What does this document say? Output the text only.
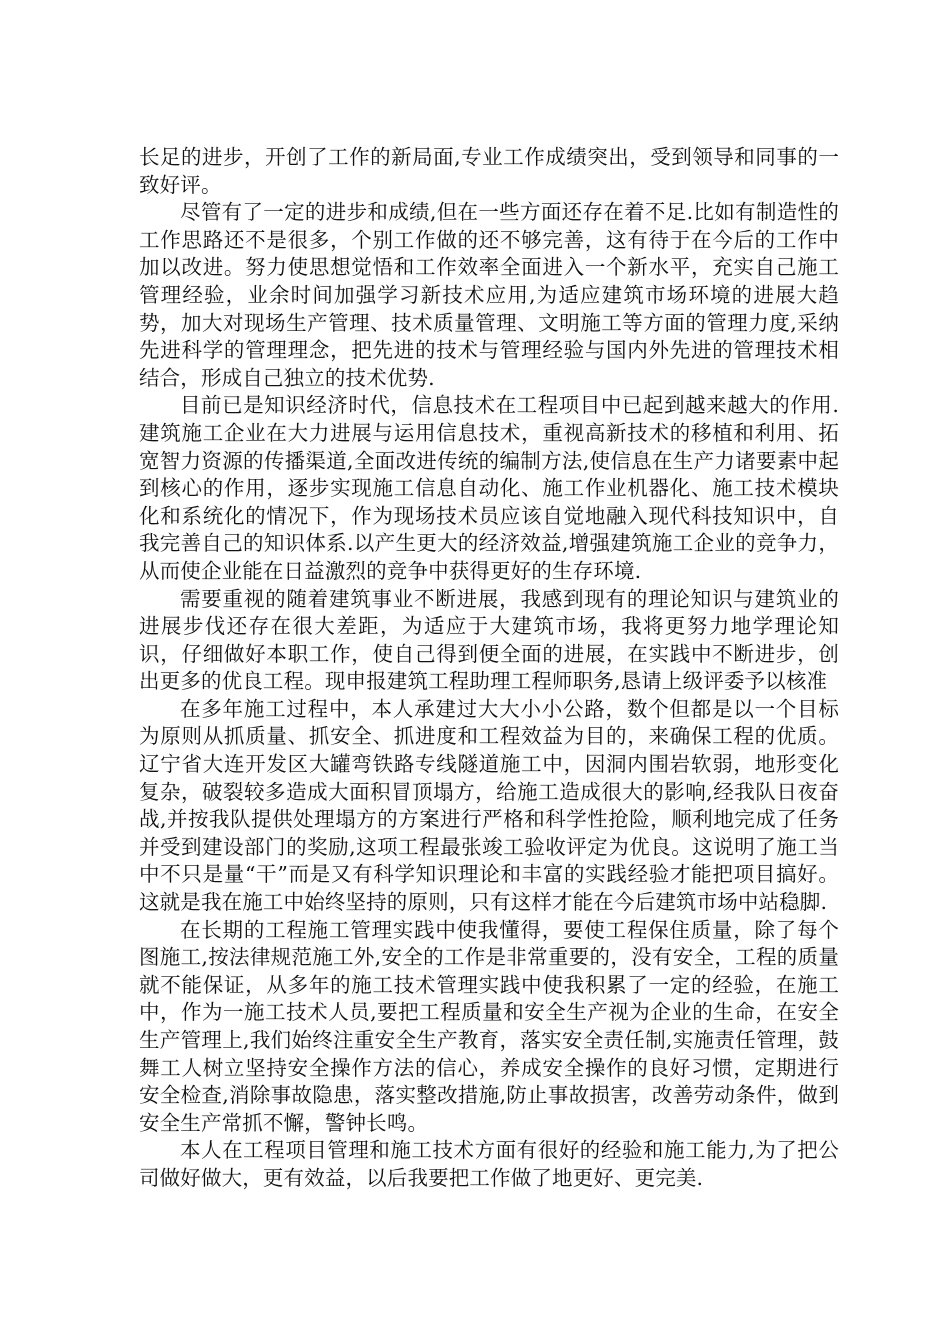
长足的进步，开创了工作的新局面,专业工作成绩突出，受到领导和同事的一致好评。

尽管有了一定的进步和成绩,但在一些方面还存在着不足.比如有制造性的工作思路还不是很多，个别工作做的还不够完善，这有待于在今后的工作中加以改进。努力使思想觉悟和工作效率全面进入一个新水平，充实自己施工管理经验，业余时间加强学习新技术应用,为适应建筑市场环境的进展大趋势，加大对现场生产管理、技术质量管理、文明施工等方面的管理力度,采纳先进科学的管理理念，把先进的技术与管理经验与国内外先进的管理技术相结合，形成自己独立的技术优势.

目前已是知识经济时代，信息技术在工程项目中已起到越来越大的作用.建筑施工企业在大力进展与运用信息技术，重视高新技术的移植和利用、拓宽智力资源的传播渠道,全面改进传统的编制方法,使信息在生产力诸要素中起到核心的作用，逐步实现施工信息自动化、施工作业机器化、施工技术模块化和系统化的情况下，作为现场技术员应该自觉地融入现代科技知识中，自我完善自己的知识体系.以产生更大的经济效益,增强建筑施工企业的竞争力，从而使企业能在日益激烈的竞争中获得更好的生存环境.

需要重视的随着建筑事业不断进展，我感到现有的理论知识与建筑业的进展步伐还存在很大差距，为适应于大建筑市场，我将更努力地学理论知识，仔细做好本职工作，使自己得到便全面的进展，在实践中不断进步，创出更多的优良工程。现申报建筑工程助理工程师职务,恳请上级评委予以核准

在多年施工过程中，本人承建过大大小小公路，数个但都是以一个目标为原则从抓质量、抓安全、抓进度和工程效益为目的，来确保工程的优质。辽宁省大连开发区大罐弯铁路专线隧道施工中，因洞内围岩软弱，地形变化复杂，破裂较多造成大面积冒顶塌方，给施工造成很大的影响,经我队日夜奋战,并按我队提供处理塌方的方案进行严格和科学性抢险，顺利地完成了任务并受到建设部门的奖励,这项工程最张竣工验收评定为优良。这说明了施工当中不只是量“干”而是又有科学知识理论和丰富的实践经验才能把项目搞好。这就是我在施工中始终坚持的原则，只有这样才能在今后建筑市场中站稳脚.

在长期的工程施工管理实践中使我懂得，要使工程保住质量，除了每个图施工,按法律规范施工外,安全的工作是非常重要的，没有安全，工程的质量就不能保证，从多年的施工技术管理实践中使我积累了一定的经验，在施工中，作为一施工技术人员,要把工程质量和安全生产视为企业的生命，在安全生产管理上,我们始终注重安全生产教育，落实安全责任制,实施责任管理，鼓舞工人树立坚持安全操作方法的信心，养成安全操作的良好习惯，定期进行安全检查,消除事故隐患，落实整改措施,防止事故损害，改善劳动条件，做到安全生产常抓不懈，警钟长鸣。

本人在工程项目管理和施工技术方面有很好的经验和施工能力,为了把公司做好做大，更有效益，以后我要把工作做了地更好、更完美.
